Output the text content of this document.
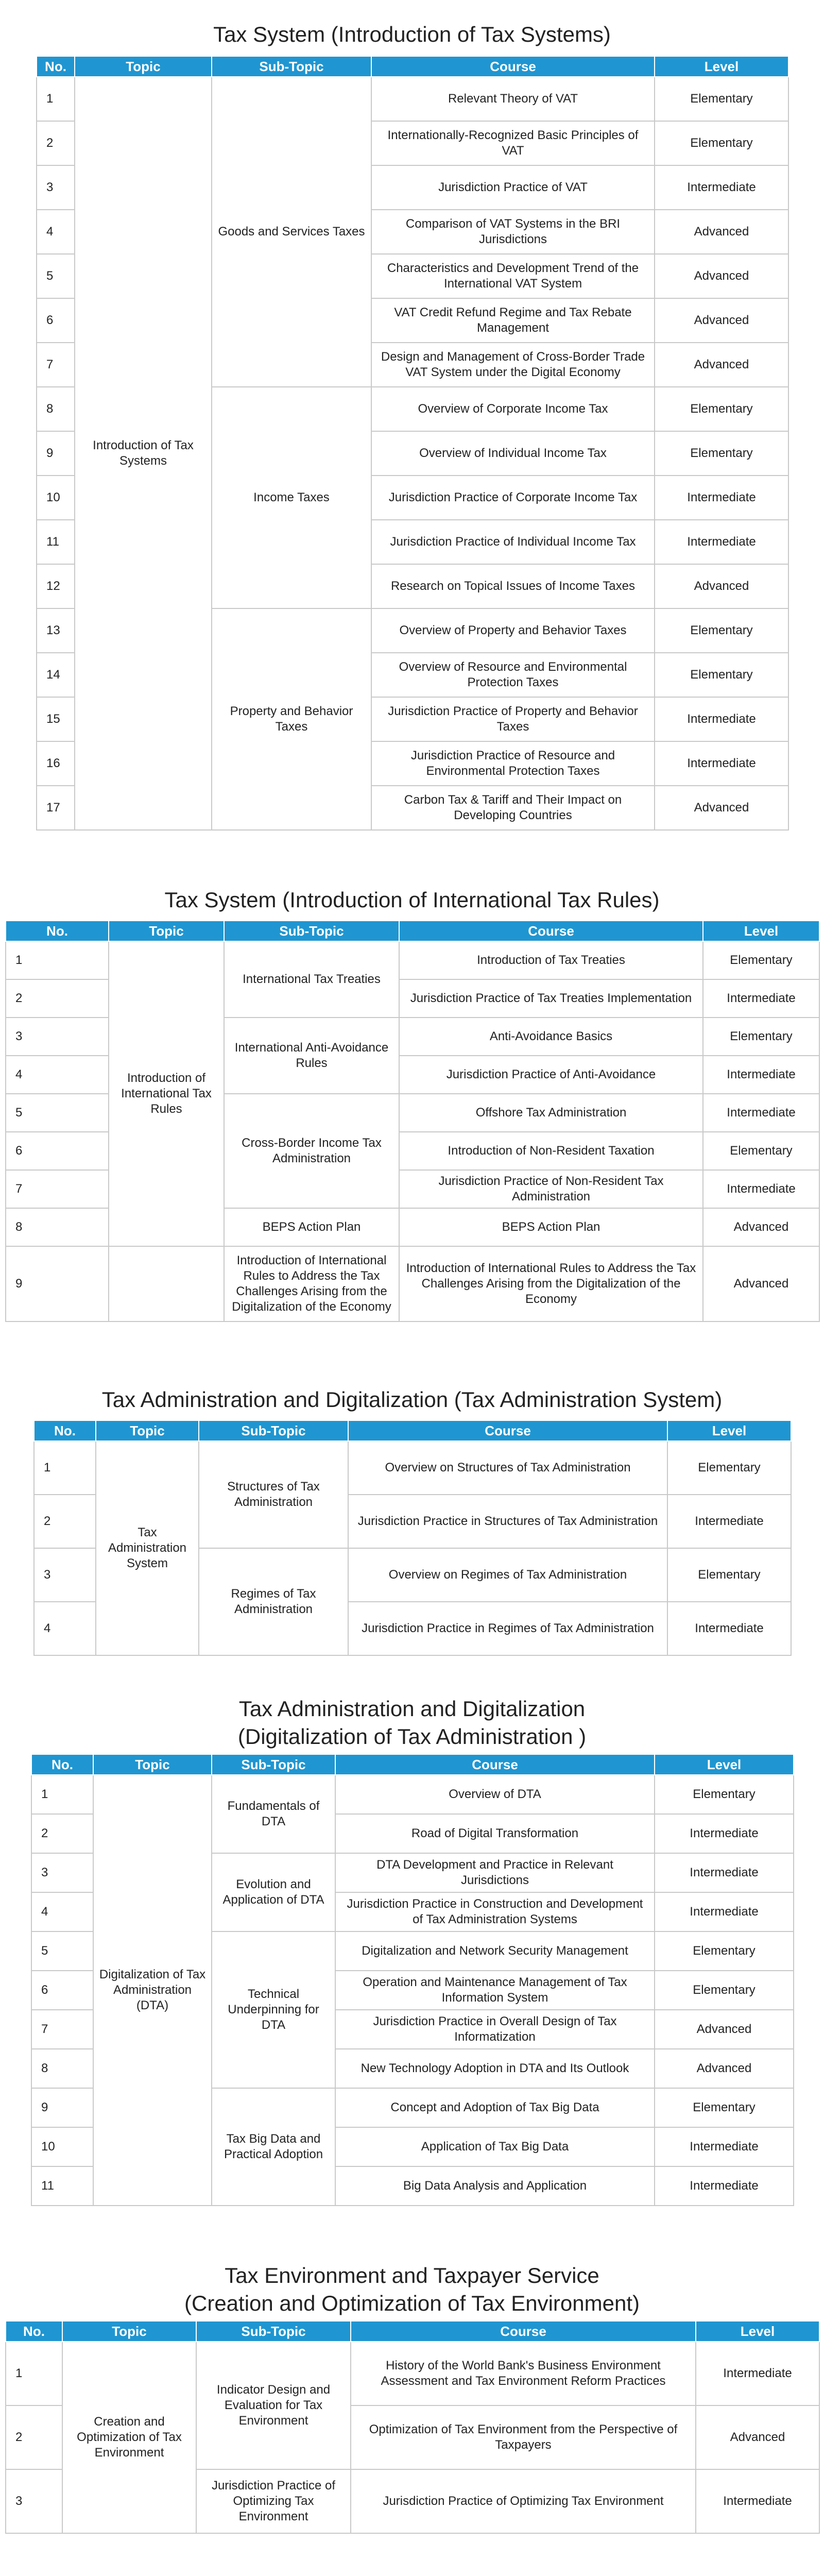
Tax System (Introduction of Tax Systems)
No.	Topic	Sub-Topic	Course	Level
1	Introduction of Tax Systems	Goods and Services Taxes	Relevant Theory of VAT	Elementary
2			Internationally-Recognized Basic Principles of VAT	Elementary
3			Jurisdiction Practice of VAT	Intermediate
4			Comparison of VAT Systems in the BRI Jurisdictions	Advanced
5			Characteristics and Development Trend of the International VAT System	Advanced
6			VAT Credit Refund Regime and Tax Rebate Management	Advanced
7			Design and Management of Cross-Border Trade VAT System under the Digital Economy	Advanced
8		Income Taxes	Overview of Corporate Income Tax	Elementary
9			Overview of Individual Income Tax	Elementary
10			Jurisdiction Practice of Corporate Income Tax	Intermediate
11			Jurisdiction Practice of Individual Income Tax	Intermediate
12			Research on Topical Issues of Income Taxes	Advanced
13		Property and Behavior Taxes	Overview of Property and Behavior Taxes	Elementary
14			Overview of Resource and Environmental Protection Taxes	Elementary
15			Jurisdiction Practice of Property and Behavior Taxes	Intermediate
16			Jurisdiction Practice of Resource and Environmental Protection Taxes	Intermediate
17			Carbon Tax & Tariff and Their Impact on Developing Countries	Advanced
Tax System (Introduction of International Tax Rules)
No.	Topic	Sub-Topic	Course	Level
1	Introduction of International Tax Rules	International Tax Treaties	Introduction of Tax Treaties	Elementary
2			Jurisdiction Practice of Tax Treaties Implementation	Intermediate
3		International Anti-Avoidance Rules	Anti-Avoidance Basics	Elementary
4			Jurisdiction Practice of Anti-Avoidance	Intermediate
5		Cross-Border Income Tax Administration	Offshore Tax Administration	Intermediate
6			Introduction of Non-Resident Taxation	Elementary
7			Jurisdiction Practice of Non-Resident Tax Administration	Intermediate
8		BEPS Action Plan	BEPS Action Plan	Advanced
9		Introduction of International Rules to Address the Tax Challenges Arising from the Digitalization of the Economy	Introduction of International Rules to Address the Tax Challenges Arising from the Digitalization of the Economy	Advanced
Tax Administration and Digitalization (Tax Administration System)
No.	Topic	Sub-Topic	Course	Level
1	Tax Administration System	Structures of Tax Administration	Overview on Structures of Tax Administration	Elementary
2			Jurisdiction Practice in Structures of Tax Administration	Intermediate
3		Regimes of Tax Administration	Overview on Regimes of Tax Administration	Elementary
4			Jurisdiction Practice in Regimes of Tax Administration	Intermediate
Tax Administration and Digitalization
(Digitalization of Tax Administration )
No.	Topic	Sub-Topic	Course	Level
1	Digitalization of Tax Administration (DTA)	Fundamentals of DTA	Overview of DTA	Elementary
2			Road of Digital Transformation	Intermediate
3		Evolution and Application of DTA	DTA Development and Practice in Relevant Jurisdictions	Intermediate
4			Jurisdiction Practice in Construction and Development of Tax Administration Systems	Intermediate
5		Technical Underpinning for DTA	Digitalization and Network Security Management	Elementary
6			Operation and Maintenance Management of Tax Information System	Elementary
7			Jurisdiction Practice in Overall Design of Tax Informatization	Advanced
8			New Technology Adoption in DTA and Its Outlook	Advanced
9		Tax Big Data and Practical Adoption	Concept and Adoption of Tax Big Data	Elementary
10			Application of Tax Big Data	Intermediate
11			Big Data Analysis and Application	Intermediate
Tax Environment and Taxpayer Service
(Creation and Optimization of Tax Environment)
No.	Topic	Sub-Topic	Course	Level
1	Creation and Optimization of Tax Environment	Indicator Design and Evaluation for Tax Environment	History of the World Bank's Business Environment Assessment and Tax Environment Reform Practices	Intermediate
2			Optimization of Tax Environment from the Perspective of Taxpayers	Advanced
3		Jurisdiction Practice of Optimizing Tax Environment	Jurisdiction Practice of Optimizing Tax Environment	Intermediate
